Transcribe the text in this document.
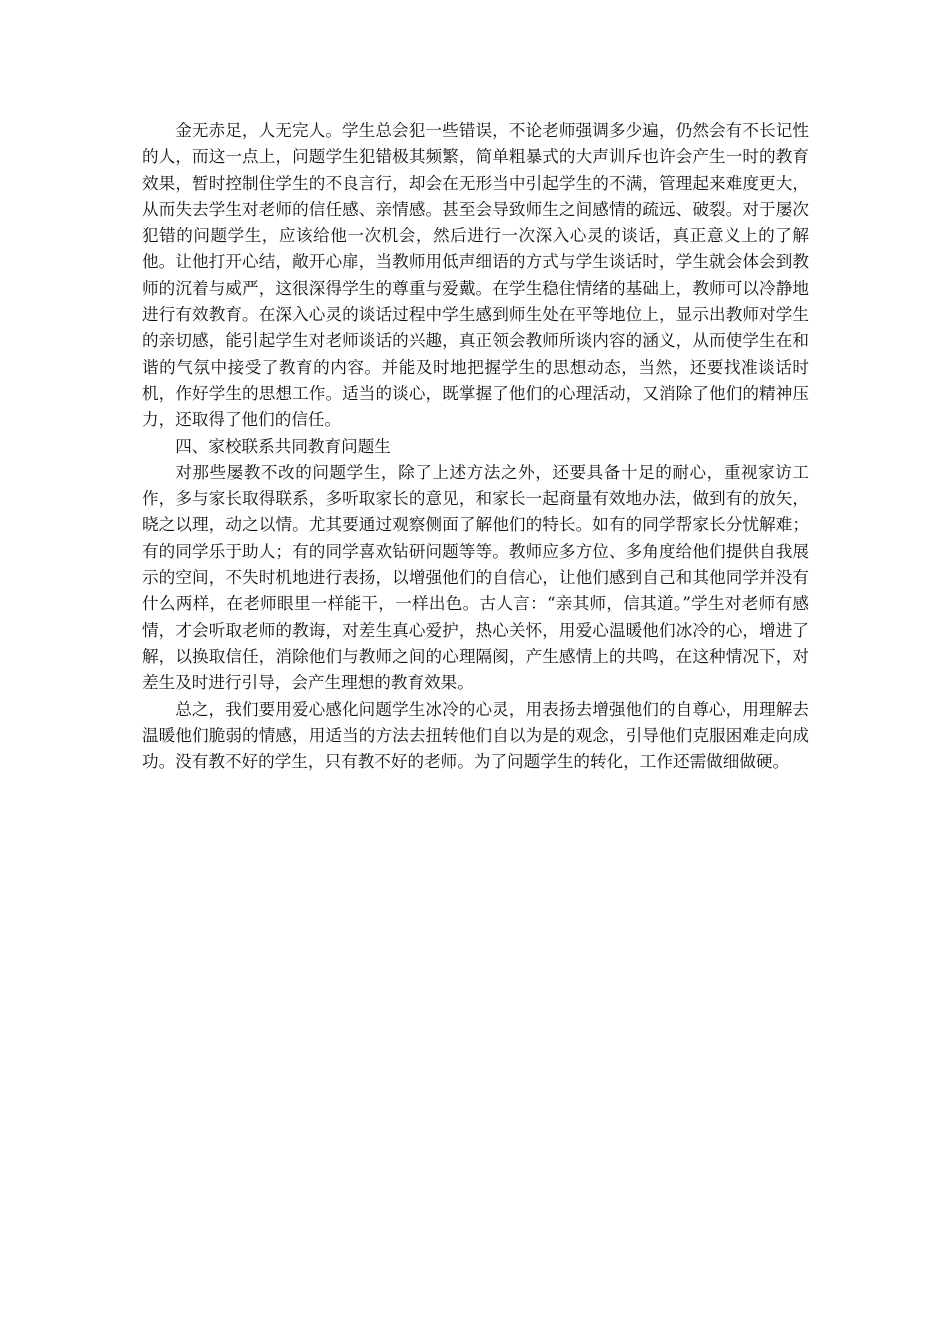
金无赤足，人无完人。学生总会犯一些错误，不论老师强调多少遍，仍然会有不长记性的人，而这一点上，问题学生犯错极其频繁，简单粗暴式的大声训斥也许会产生一时的教育效果，暂时控制住学生的不良言行，却会在无形当中引起学生的不满，管理起来难度更大，从而失去学生对老师的信任感、亲情感。甚至会导致师生之间感情的疏远、破裂。对于屡次犯错的问题学生，应该给他一次机会，然后进行一次深入心灵的谈话，真正意义上的了解他。让他打开心结，敞开心扉，当教师用低声细语的方式与学生谈话时，学生就会体会到教师的沉着与威严，这很深得学生的尊重与爱戴。在学生稳住情绪的基础上，教师可以冷静地进行有效教育。在深入心灵的谈话过程中学生感到师生处在平等地位上，显示出教师对学生的亲切感，能引起学生对老师谈话的兴趣，真正领会教师所谈内容的涵义，从而使学生在和谐的气氛中接受了教育的内容。并能及时地把握学生的思想动态，当然，还要找准谈话时机，作好学生的思想工作。适当的谈心，既掌握了他们的心理活动，又消除了他们的精神压力，还取得了他们的信任。

四、家校联系共同教育问题生

对那些屡教不改的问题学生，除了上述方法之外，还要具备十足的耐心，重视家访工作，多与家长取得联系，多听取家长的意见，和家长一起商量有效地办法，做到有的放矢，晓之以理，动之以情。尤其要通过观察侧面了解他们的特长。如有的同学帮家长分忧解难；有的同学乐于助人；有的同学喜欢钻研问题等等。教师应多方位、多角度给他们提供自我展示的空间，不失时机地进行表扬，以增强他们的自信心，让他们感到自己和其他同学并没有什么两样，在老师眼里一样能干，一样出色。古人言：“亲其师，信其道。”学生对老师有感情，才会听取老师的教诲，对差生真心爱护，热心关怀，用爱心温暖他们冰冷的心，增进了解，以换取信任，消除他们与教师之间的心理隔阂，产生感情上的共鸣，在这种情况下，对差生及时进行引导，会产生理想的教育效果。

总之，我们要用爱心感化问题学生冰冷的心灵，用表扬去增强他们的自尊心，用理解去温暖他们脆弱的情感，用适当的方法去扭转他们自以为是的观念，引导他们克服困难走向成功。没有教不好的学生，只有教不好的老师。为了问题学生的转化，工作还需做细做硬。
